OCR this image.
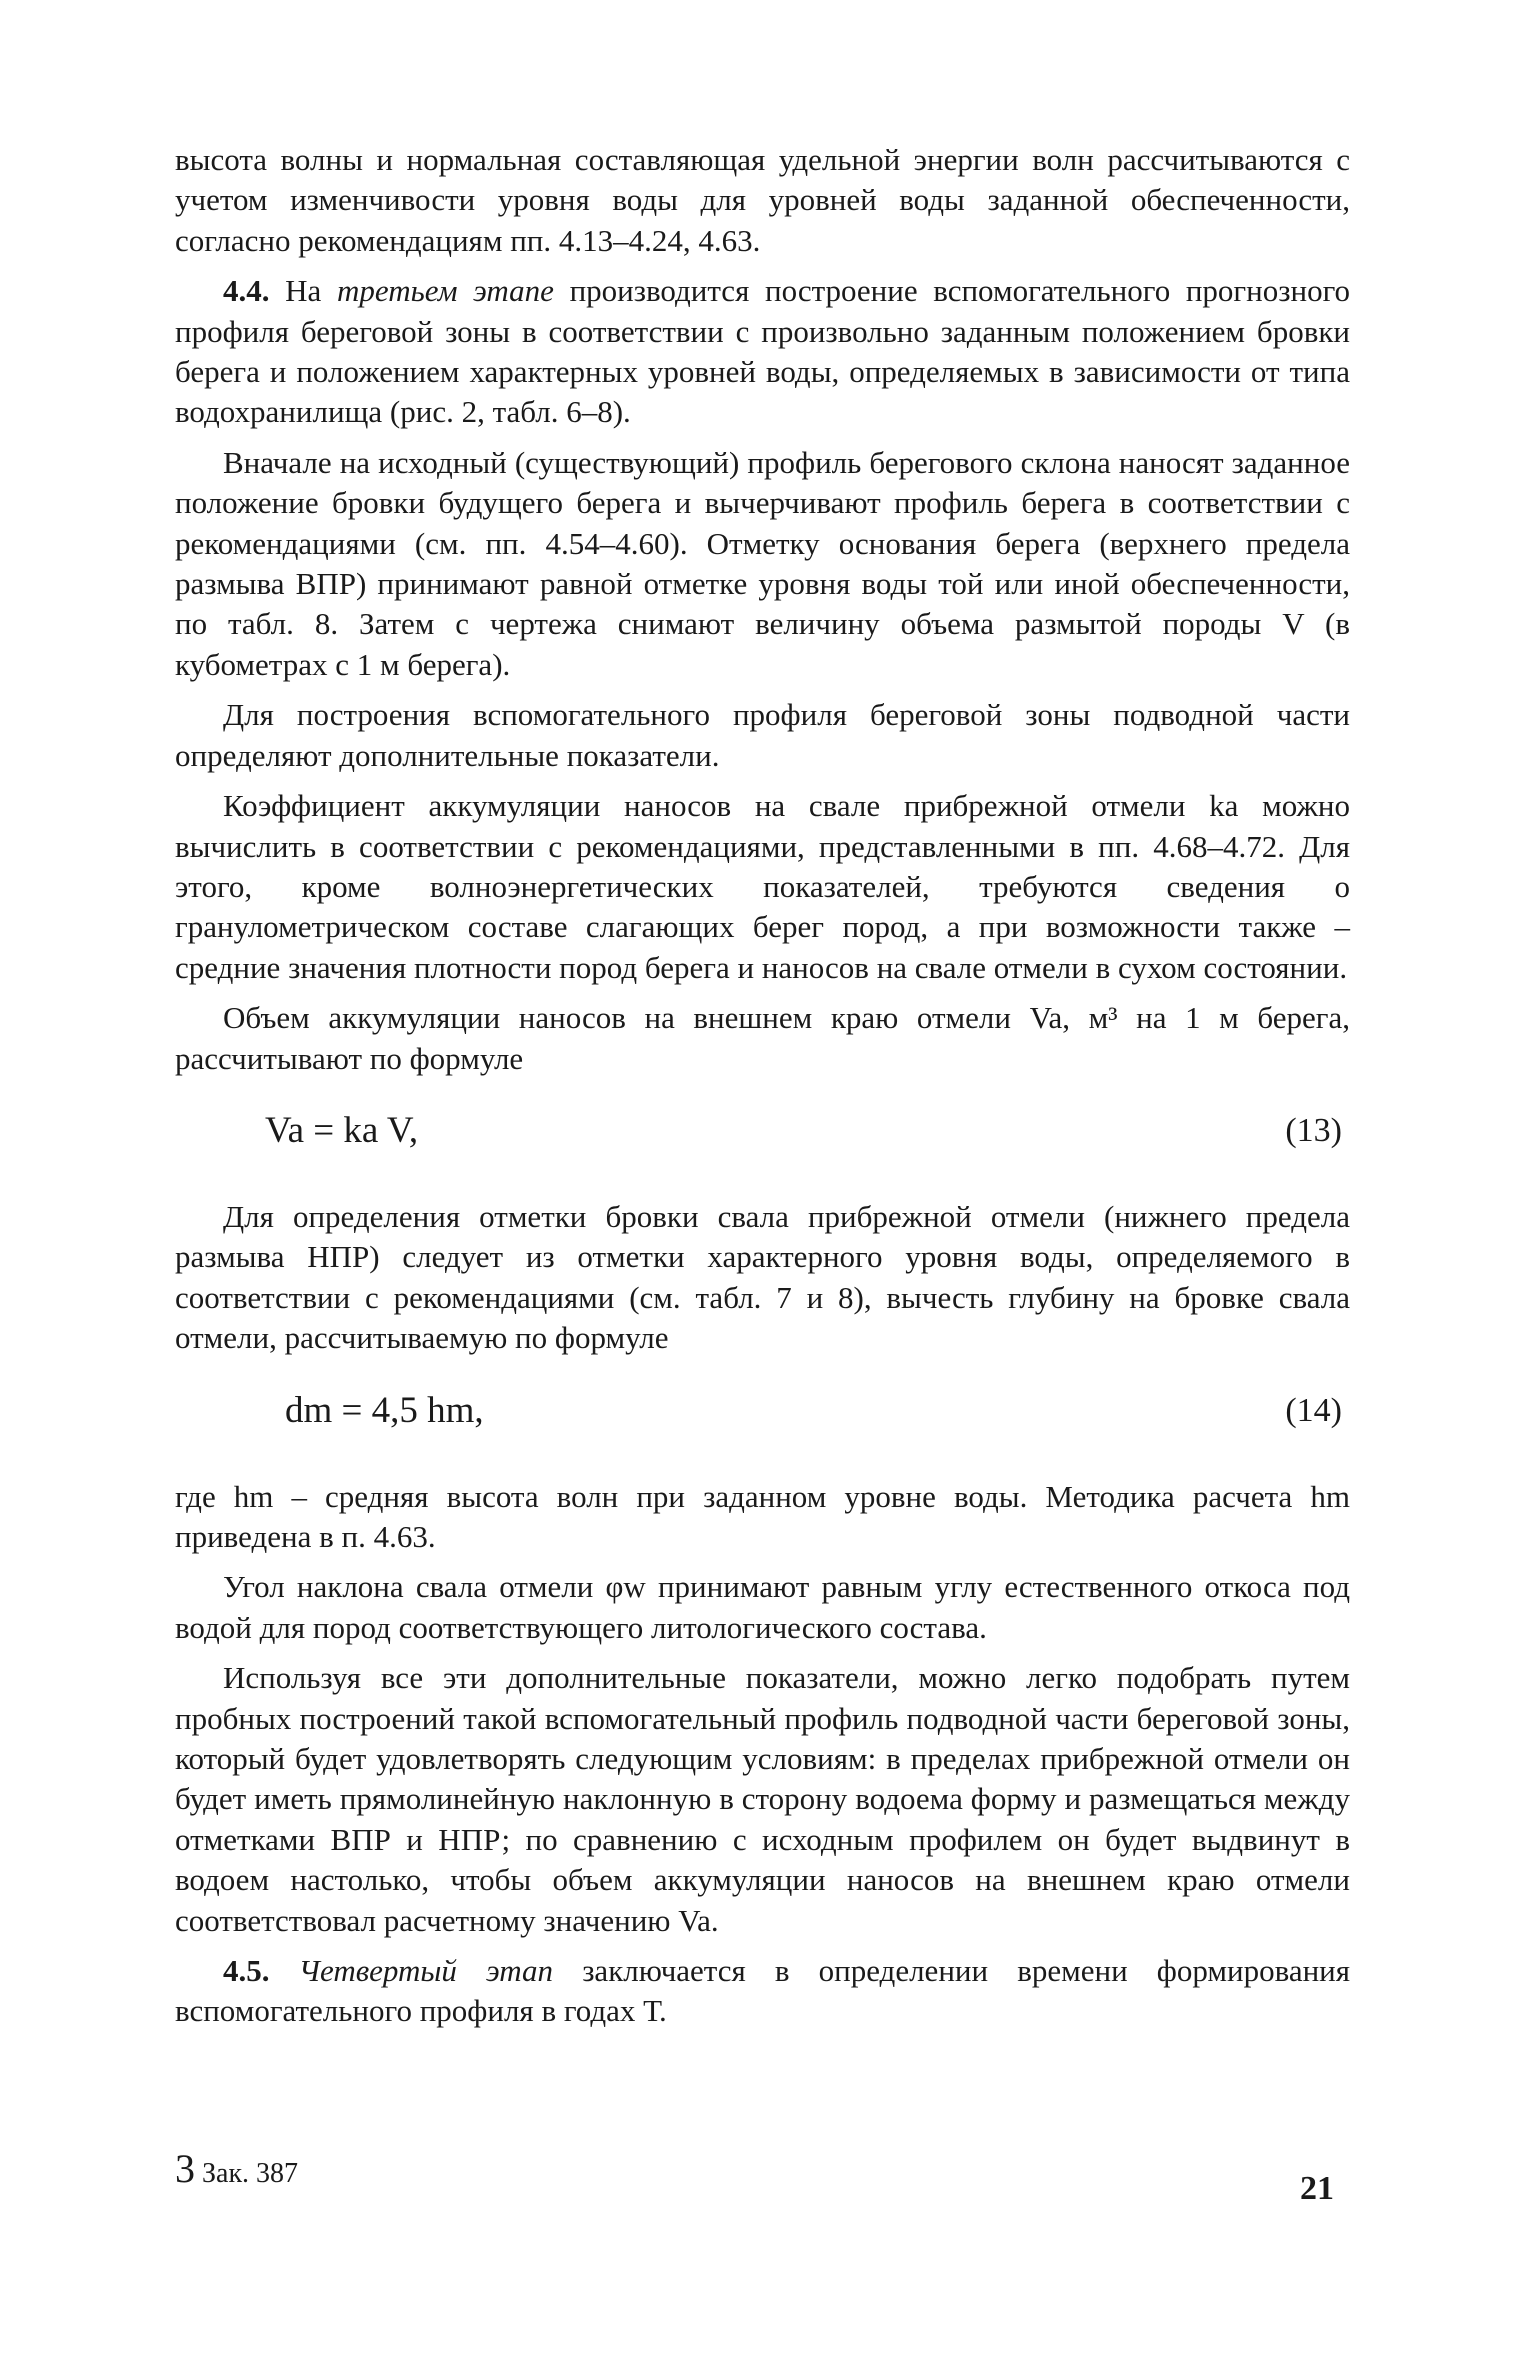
высота волны и нормальная составляющая удельной энергии волн рассчитываются с учетом изменчивости уровня воды для уровней воды заданной обеспеченности, согласно рекомендациям пп. 4.13–4.24, 4.63.

4.4. На третьем этапе производится построение вспомогательного прогнозного профиля береговой зоны в соответствии с произвольно заданным положением бровки берега и положением характерных уровней воды, определяемых в зависимости от типа водохранилища (рис. 2, табл. 6–8).

Вначале на исходный (существующий) профиль берегового склона наносят заданное положение бровки будущего берега и вычерчивают профиль берега в соответствии с рекомендациями (см. пп. 4.54–4.60). Отметку основания берега (верхнего предела размыва ВПР) принимают равной отметке уровня воды той или иной обеспеченности, по табл. 8. Затем с чертежа снимают величину объема размытой породы V (в кубометрах с 1 м берега).

Для построения вспомогательного профиля береговой зоны подводной части определяют дополнительные показатели.

Коэффициент аккумуляции наносов на свале прибрежной отмели ka можно вычислить в соответствии с рекомендациями, представленными в пп. 4.68–4.72. Для этого, кроме волноэнергетических показателей, требуются сведения о гранулометрическом составе слагающих берег пород, а при возможности также – средние значения плотности пород берега и наносов на свале отмели в сухом состоянии.

Объем аккумуляции наносов на внешнем краю отмели Va, м³ на 1 м берега, рассчитывают по формуле

Va = ka V,	(13)

Для определения отметки бровки свала прибрежной отмели (нижнего предела размыва НПР) следует из отметки характерного уровня воды, определяемого в соответствии с рекомендациями (см. табл. 7 и 8), вычесть глубину на бровке свала отмели, рассчитываемую по формуле

dm = 4,5 hm,	(14)

где hm – средняя высота волн при заданном уровне воды. Методика расчета hm приведена в п. 4.63.

Угол наклона свала отмели φw принимают равным углу естественного откоса под водой для пород соответствующего литологического состава.

Используя все эти дополнительные показатели, можно легко подобрать путем пробных построений такой вспомогательный профиль подводной части береговой зоны, который будет удовлетворять следующим условиям: в пределах прибрежной отмели он будет иметь прямолинейную наклонную в сторону водоема форму и размещаться между отметками ВПР и НПР; по сравнению с исходным профилем он будет выдвинут в водоем настолько, чтобы объем аккумуляции наносов на внешнем краю отмели соответствовал расчетному значению Va.

4.5. Четвертый этап заключается в определении времени формирования вспомогательного профиля в годах Т.

3 Зак. 387	21
